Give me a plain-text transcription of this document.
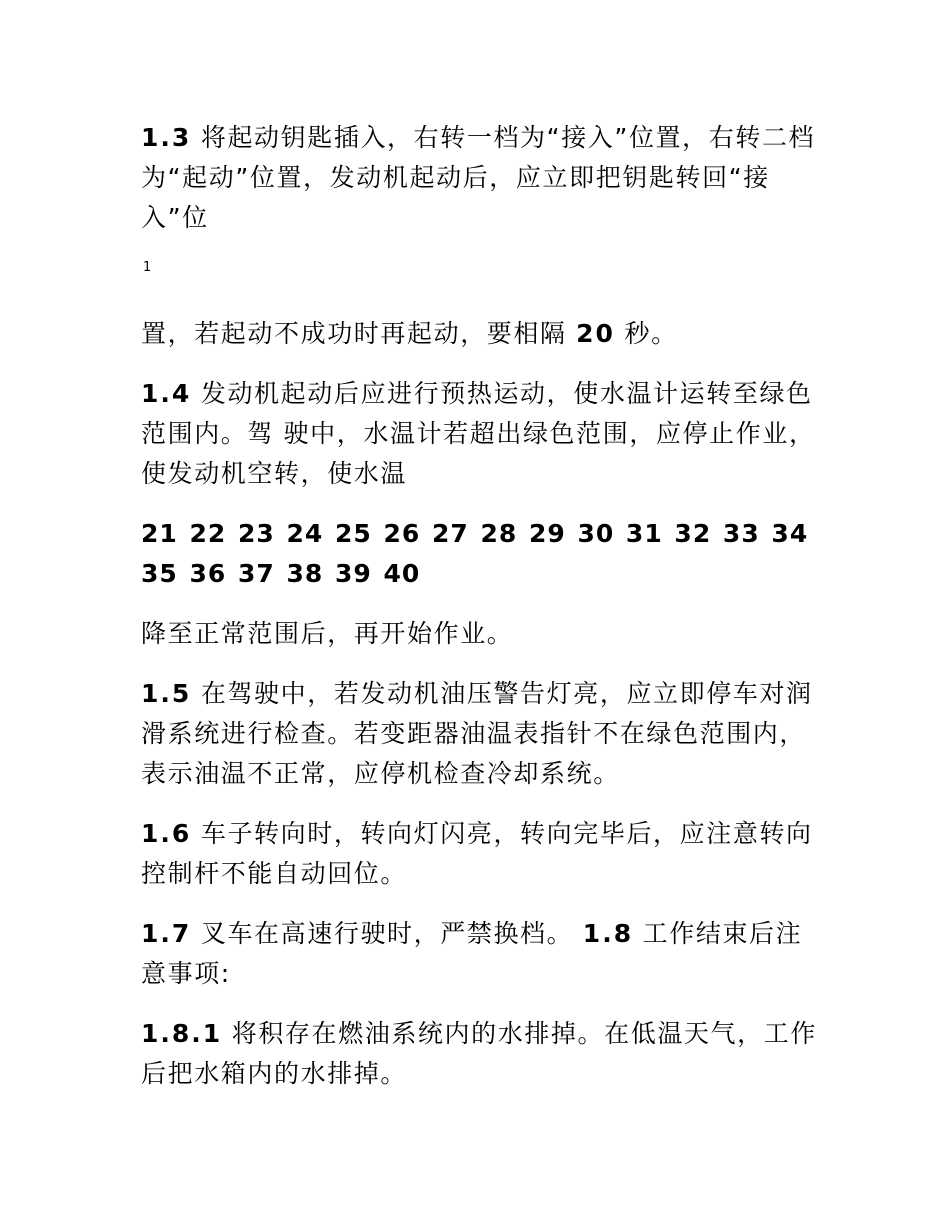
1.3 将起动钥匙插入，右转一档为“接入”位置，右转二档为“起动”位置，发动机起动后，应立即把钥匙转回“接入”位

1

置，若起动不成功时再起动，要相隔 20 秒。

1.4 发动机起动后应进行预热运动，使水温计运转至绿色范围内。驾 驶中，水温计若超出绿色范围，应停止作业，使发动机空转，使水温

21 22 23 24 25 26 27 28 29 30 31 32 33 34 35 36 37 38 39 40

降至正常范围后，再开始作业。

1.5 在驾驶中，若发动机油压警告灯亮，应立即停车对润滑系统进行检查。若变距器油温表指针不在绿色范围内，表示油温不正常，应停机检查冷却系统。

1.6 车子转向时，转向灯闪亮，转向完毕后，应注意转向控制杆不能自动回位。

1.7 叉车在高速行驶时，严禁换档。 1.8 工作结束后注意事项:

1.8.1 将积存在燃油系统内的水排掉。在低温天气，工作后把水箱内的水排掉。
